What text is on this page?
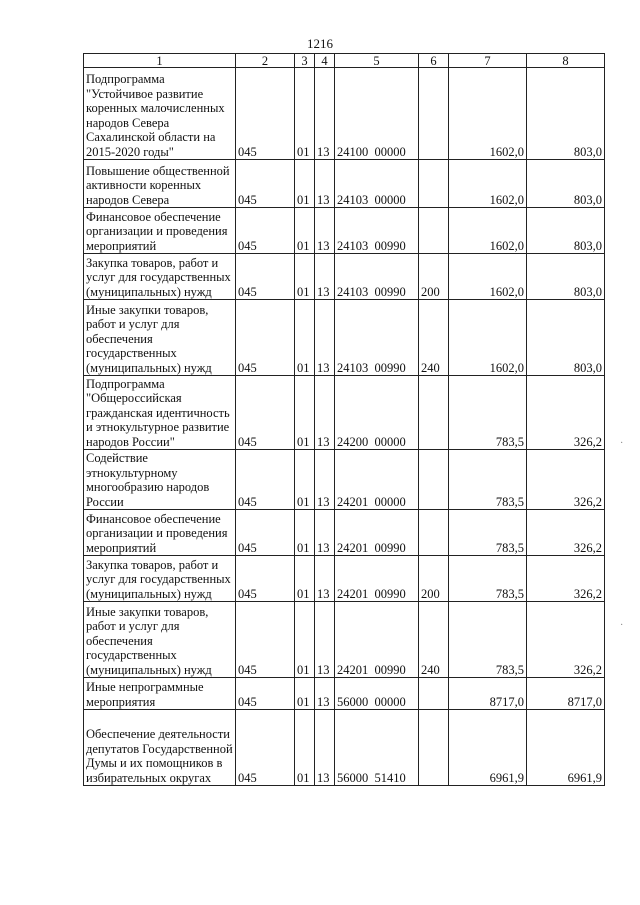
1216
1	2	3	4	5	6	7	8
Подпрограмма "Устойчивое развитие коренных малочисленных народов Севера Сахалинской области на 2015-2020 годы"	045	01	13	24100  00000		1602,0	803,0
Повышение общественной активности коренных народов Севера	045	01	13	24103  00000		1602,0	803,0
Финансовое обеспечение организации и проведения мероприятий	045	01	13	24103  00990		1602,0	803,0
Закупка товаров, работ и услуг для государственных (муниципальных) нужд	045	01	13	24103  00990	200	1602,0	803,0
Иные закупки товаров, работ и услуг для обеспечения государственных (муниципальных) нужд	045	01	13	24103  00990	240	1602,0	803,0
Подпрограмма "Общероссийская гражданская идентичность и этнокультурное развитие народов России"	045	01	13	24200  00000		783,5	326,2
Содействие этнокультурному многообразию народов России	045	01	13	24201  00000		783,5	326,2
Финансовое обеспечение организации и проведения мероприятий	045	01	13	24201  00990		783,5	326,2
Закупка товаров, работ и услуг для государственных (муниципальных) нужд	045	01	13	24201  00990	200	783,5	326,2
Иные закупки товаров, работ и услуг для обеспечения государственных (муниципальных) нужд	045	01	13	24201  00990	240	783,5	326,2
Иные непрограммные мероприятия	045	01	13	56000  00000		8717,0	8717,0
Обеспечение деятельности депутатов Государственной Думы и их помощников в избирательных округах	045	01	13	56000  51410		6961,9	6961,9
·
·
